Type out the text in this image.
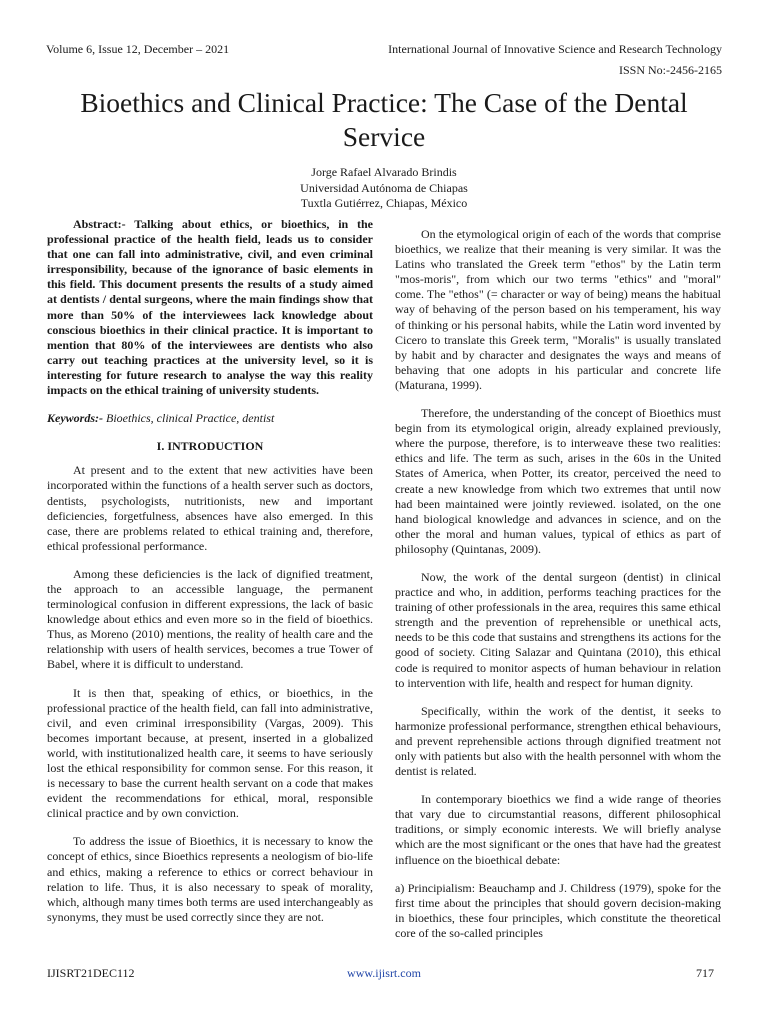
Volume 6, Issue 12, December – 2021	International Journal of Innovative Science and Research Technology
ISSN No:-2456-2165
Bioethics and Clinical Practice: The Case of the Dental Service
Jorge Rafael Alvarado Brindis
Universidad Autónoma de Chiapas
Tuxtla Gutiérrez, Chiapas, México

Abstract:- Talking about ethics, or bioethics, in the professional practice of the health field, leads us to consider that one can fall into administrative, civil, and even criminal irresponsibility, because of the ignorance of basic elements in this field. This document presents the results of a study aimed at dentists / dental surgeons, where the main findings show that more than 50% of the interviewees lack knowledge about conscious bioethics in their clinical practice. It is important to mention that 80% of the interviewees are dentists who also carry out teaching practices at the university level, so it is interesting for future research to analyse the way this reality impacts on the ethical training of university students.

Keywords:- Bioethics, clinical Practice, dentist

I. INTRODUCTION

At present and to the extent that new activities have been incorporated within the functions of a health server such as doctors, dentists, psychologists, nutritionists, new and important deficiencies, forgetfulness, absences have also emerged. In this case, there are problems related to ethical training and, therefore, ethical professional performance.

Among these deficiencies is the lack of dignified treatment, the approach to an accessible language, the permanent terminological confusion in different expressions, the lack of basic knowledge about ethics and even more so in the field of bioethics. Thus, as Moreno (2010) mentions, the reality of health care and the relationship with users of health services, becomes a true Tower of Babel, where it is difficult to understand.

It is then that, speaking of ethics, or bioethics, in the professional practice of the health field, can fall into administrative, civil, and even criminal irresponsibility (Vargas, 2009). This becomes important because, at present, inserted in a globalized world, with institutionalized health care, it seems to have seriously lost the ethical responsibility for common sense. For this reason, it is necessary to base the current health servant on a code that makes evident the recommendations for ethical, moral, responsible clinical practice and by own conviction.

To address the issue of Bioethics, it is necessary to know the concept of ethics, since Bioethics represents a neologism of bio-life and ethics, making a reference to ethics or correct behaviour in relation to life. Thus, it is also necessary to speak of morality, which, although many times both terms are used interchangeably as synonyms, they must be used correctly since they are not.

On the etymological origin of each of the words that comprise bioethics, we realize that their meaning is very similar. It was the Latins who translated the Greek term "ethos" by the Latin term "mos-moris", from which our two terms "ethics" and "moral" come. The "ethos" (= character or way of being) means the habitual way of behaving of the person based on his temperament, his way of thinking or his personal habits, while the Latin word invented by Cicero to translate this Greek term, "Moralis" is usually translated by habit and by character and designates the ways and means of behaving that one adopts in his particular and concrete life (Maturana, 1999).

Therefore, the understanding of the concept of Bioethics must begin from its etymological origin, already explained previously, where the purpose, therefore, is to interweave these two realities: ethics and life. The term as such, arises in the 60s in the United States of America, when Potter, its creator, perceived the need to create a new knowledge from which two extremes that until now had been maintained were jointly reviewed. isolated, on the one hand biological knowledge and advances in science, and on the other the moral and human values, typical of ethics as part of philosophy (Quintanas, 2009).

Now, the work of the dental surgeon (dentist) in clinical practice and who, in addition, performs teaching practices for the training of other professionals in the area, requires this same ethical strength and the prevention of reprehensible or unethical acts, needs to be this code that sustains and strengthens its actions for the good of society. Citing Salazar and Quintana (2010), this ethical code is required to monitor aspects of human behaviour in relation to intervention with life, health and respect for human dignity.

Specifically, within the work of the dentist, it seeks to harmonize professional performance, strengthen ethical behaviours, and prevent reprehensible actions through dignified treatment not only with patients but also with the health personnel with whom the dentist is related.

In contemporary bioethics we find a wide range of theories that vary due to circumstantial reasons, different philosophical traditions, or simply economic interests. We will briefly analyse which are the most significant or the ones that have had the greatest influence on the bioethical debate:

a) Principialism: Beauchamp and J. Childress (1979), spoke for the first time about the principles that should govern decision-making in bioethics, these four principles, which constitute the theoretical core of the so-called principles

IJISRT21DEC112	www.ijisrt.com	717
